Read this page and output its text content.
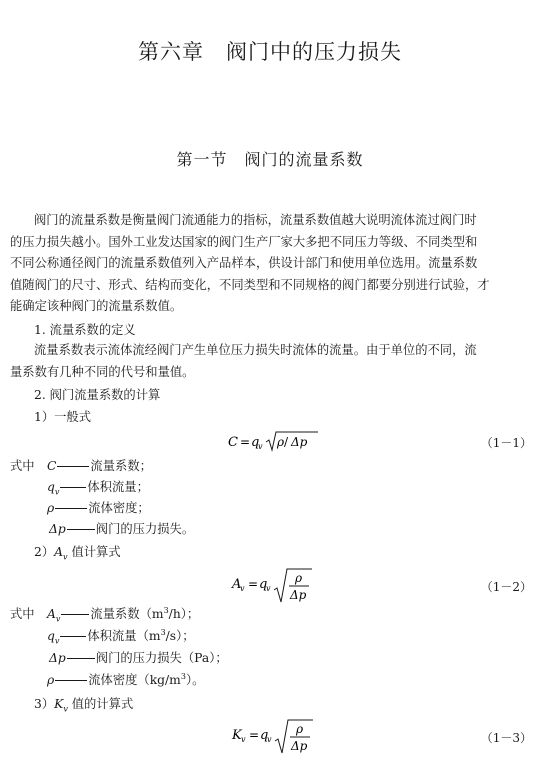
第六章　阀门中的压力损失
第一节　阀门的流量系数
阀门的流量系数是衡量阀门流通能力的指标，流量系数值越大说明流体流过阀门时
的压力损失越小。国外工业发达国家的阀门生产厂家大多把不同压力等级、不同类型和
不同公称通径阀门的流量系数值列入产品样本，供设计部门和使用单位选用。流量系数
值随阀门的尺寸、形式、结构而变化，不同类型和不同规格的阀门都要分别进行试验，才
能确定该种阀门的流量系数值。
1. 流量系数的定义
流量系数表示流体流经阀门产生单位压力损失时流体的流量。由于单位的不同，流
量系数有几种不同的代号和量值。
2. 阀门流量系数的计算
1）一般式
C = q
v ρ / Δp	（1－1）
式中 C	流量系数；
$q_v$ 体积流量；
ρ	流体密度；
Δp 阀门的压力损失。
$2)A_v$ 值计算式
A
v = q
v
ρ
Δp
（1－2）
式中 $A_v$ 流量系数$(m^3/h)$；
$q_v$ 体积流量$(m^3/s)$；
Δp 阀门的压力损失（Pa）；
ρ	流体密度$(kg/m^3)$。
$3)K_v$ 值的计算式
K v = q
v
ρ
Δp
（1－3）
